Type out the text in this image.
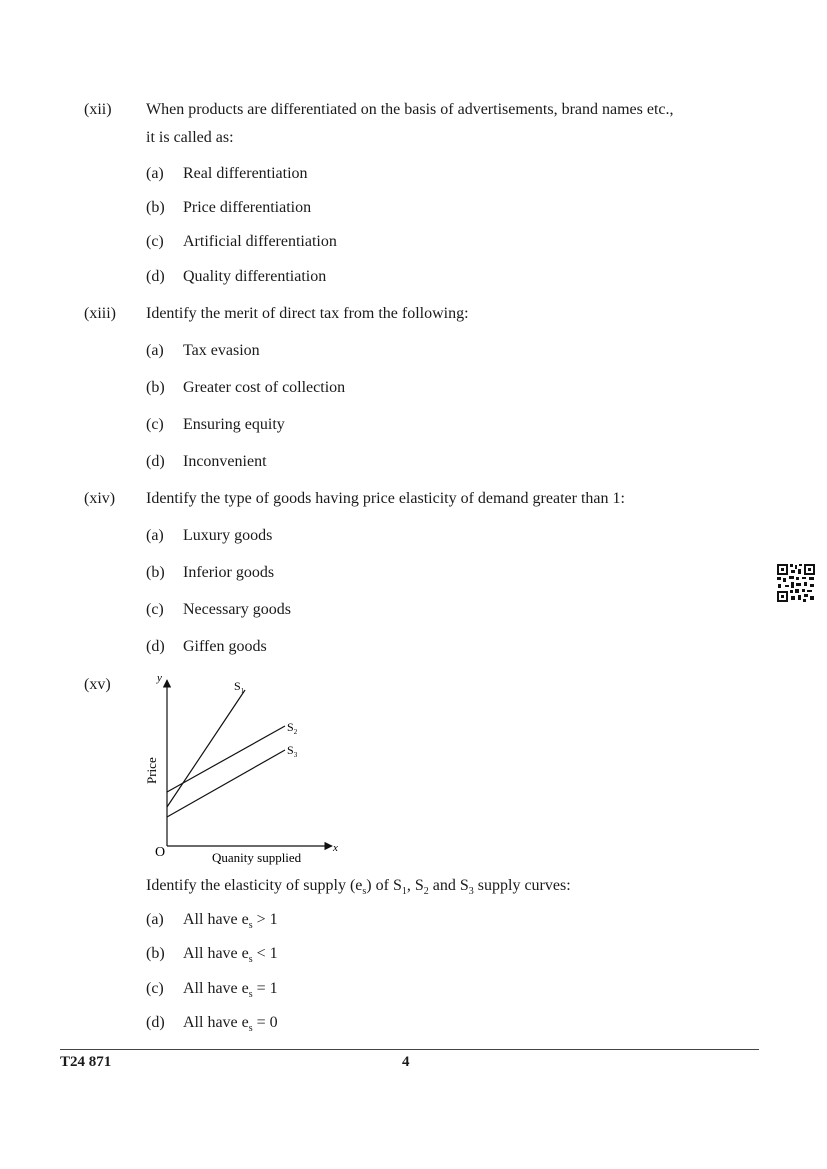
(xii) When products are differentiated on the basis of advertisements, brand names etc., it is called as:
(a) Real differentiation
(b) Price differentiation
(c) Artificial differentiation
(d) Quality differentiation
(xiii) Identify the merit of direct tax from the following:
(a) Tax evasion
(b) Greater cost of collection
(c) Ensuring equity
(d) Inconvenient
(xiv) Identify the type of goods having price elasticity of demand greater than 1:
(a) Luxury goods
(b) Inferior goods
(c) Necessary goods
(d) Giffen goods
(xv)	y
x
O	Quanity supplied
Price
$S_1$
$S_2$
$S_3$
Identify the elasticity of supply $(e_s)$ of $S_1$, $S_2$ and $S_3$ supply curves:
(a) All have $e_s > 1$
(b) All have $e_s < 1$
(c) All have $e_s = 1$
(d) All have $e_s = 0$
T24 871	4
